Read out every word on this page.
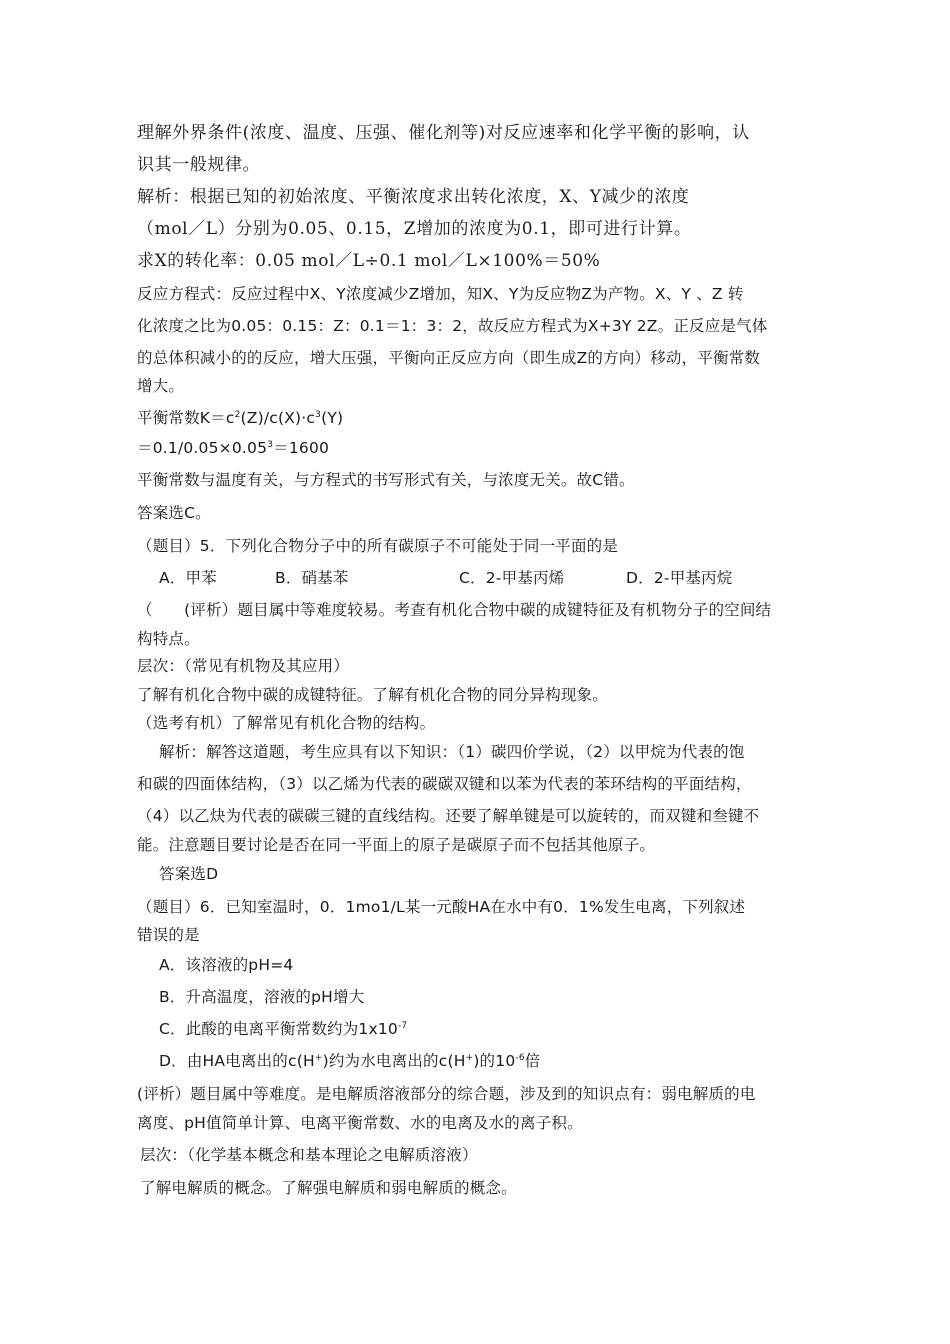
理解外界条件(浓度、温度、压强、催化剂等)对反应速率和化学平衡的影响，认
识其一般规律。
解析：根据已知的初始浓度、平衡浓度求出转化浓度，X、Y减少的浓度
（mol／L）分别为0.05、0.15，Z增加的浓度为0.1，即可进行计算。
求X的转化率：0.05 mol／L÷0.1 mol／L×100%＝50%
反应方程式：反应过程中X、Y浓度减少Z增加，知X、Y为反应物Z为产物。X、Y 、Z 转
化浓度之比为0.05：0.15：Z：0.1＝1：3：2，故反应方程式为X+3Y 2Z。正反应是气体
的总体积减小的的反应，增大压强，平衡向正反应方向（即生成Z的方向）移动，平衡常数
增大。
平衡常数$K=c^2(Z)/c(X)\cdot c^3(Y)$
$=0.1/0.05\times 0.05^3=1600$
平衡常数与温度有关，与方程式的书写形式有关，与浓度无关。故C错。
答案选C。
（题目）5．下列化合物分子中的所有碳原子不可能处于同一平面的是
A．甲苯	B．硝基苯	C．2-甲基丙烯	D．2-甲基丙烷
（　　(评析）题目属中等难度较易。考查有机化合物中碳的成键特征及有机物分子的空间结
构特点。
层次：（常见有机物及其应用）
了解有机化合物中碳的成键特征。了解有机化合物的同分异构现象。
（选考有机）了解常见有机化合物的结构。
解析：解答这道题，考生应具有以下知识：（1）碳四价学说，（2）以甲烷为代表的饱
和碳的四面体结构，（3）以乙烯为代表的碳碳双键和以苯为代表的苯环结构的平面结构，
（4）以乙炔为代表的碳碳三键的直线结构。还要了解单键是可以旋转的，而双键和叁键不
能。注意题目要讨论是否在同一平面上的原子是碳原子而不包括其他原子。
答案选D
（题目）6．已知室温时，0．1mo1/L某一元酸HA在水中有0．1%发生电离，下列叙述
错误的是
A．该溶液的pH=4
B．升高温度，溶液的pH增大
C．此酸的电离平衡常数约为$1x10^{-7}$
D．由HA电离出的c(H+)约为水电离出的c(H+)的$10^{-6}$倍
(评析）题目属中等难度。是电解质溶液部分的综合题，涉及到的知识点有：弱电解质的电
离度、pH值简单计算、电离平衡常数、水的电离及水的离子积。
层次：（化学基本概念和基本理论之电解质溶液）
了解电解质的概念。了解强电解质和弱电解质的概念。
